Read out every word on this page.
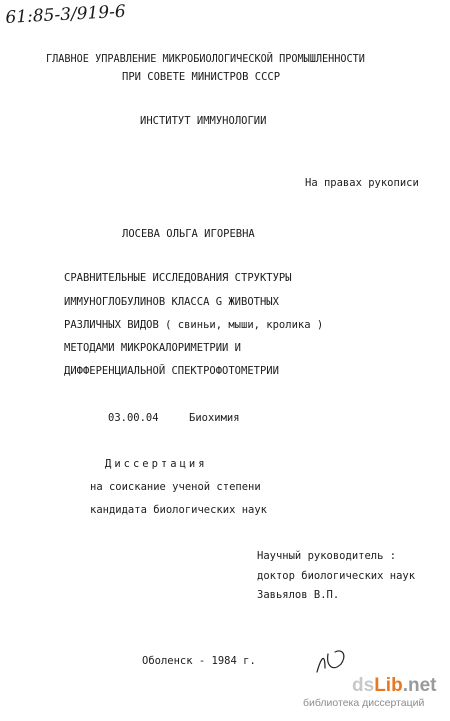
61:85-3/919-6
ГЛАВНОЕ УПРАВЛЕНИЕ МИКРОБИОЛОГИЧЕСКОЙ ПРОМЫШЛЕННОСТИ
ПРИ СОВЕТЕ МИНИСТРОВ СССР
ИНСТИТУТ ИММУНОЛОГИИ
На правах рукописи
ЛОСЕВА ОЛЬГА ИГОРЕВНА
СРАВНИТЕЛЬНЫЕ ИССЛЕДОВАНИЯ СТРУКТУРЫ
ИММУНОГЛОБУЛИНОВ КЛАССА G ЖИВОТНЫХ
РАЗЛИЧНЫХ ВИДОВ ( свиньи, мыши, кролика )
МЕТОДАМИ МИКРОКАЛОРИМЕТРИИ И
ДИФФЕРЕНЦИАЛЬНОЙ СПЕКТРОФОТОМЕТРИИ
03.00.04	Биохимия
Диссертация
на соискание ученой степени
кандидата биологических наук
Научный руководитель :
доктор биологических наук
Завьялов В.П.
Оболенск - 1984 г.
dsLib.net
библиотека диссертаций
